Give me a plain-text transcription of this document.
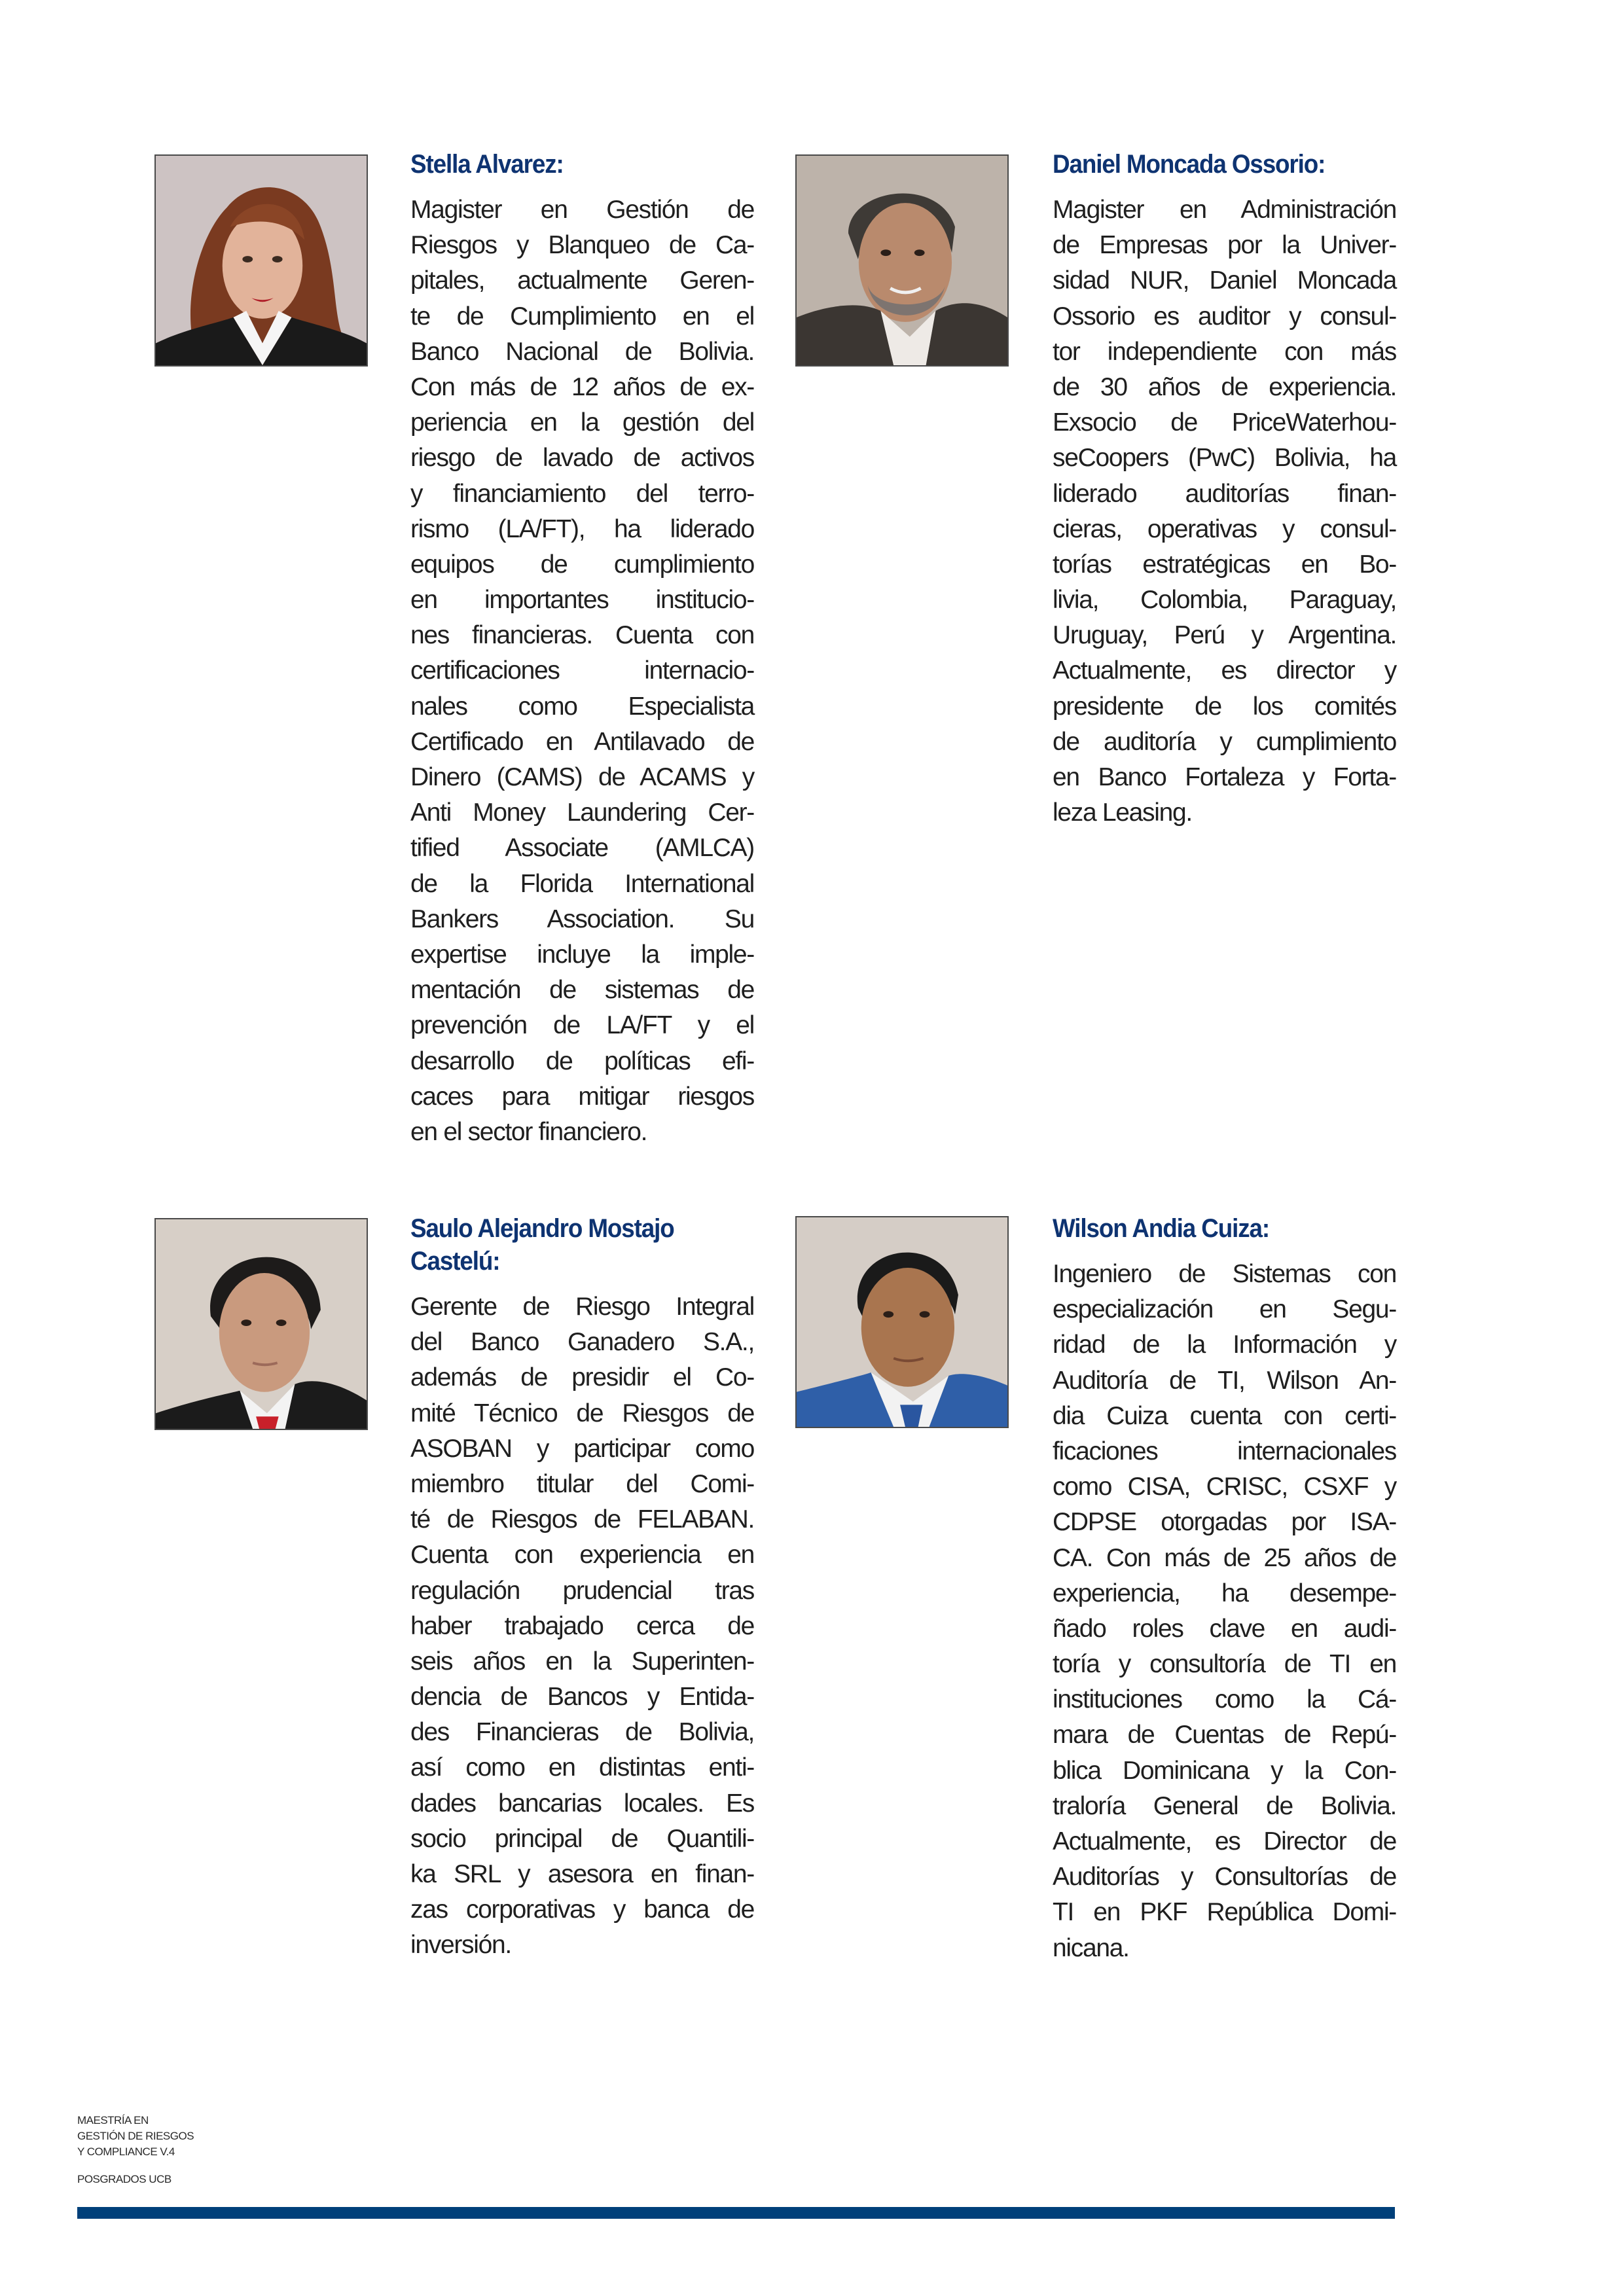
Stella Alvarez:
Magister en Gestión de
Riesgos y Blanqueo de Ca-
pitales, actualmente Geren-
te de Cumplimiento en el
Banco Nacional de Bolivia.
Con más de 12 años de ex-
periencia en la gestión del
riesgo de lavado de activos
y financiamiento del terro-
rismo (LA/FT), ha liderado
equipos de cumplimiento
en importantes institucio-
nes financieras. Cuenta con
certificaciones internacio-
nales como Especialista
Certificado en Antilavado de
Dinero (CAMS) de ACAMS y
Anti Money Laundering Cer-
tified Associate (AMLCA)
de la Florida International
Bankers Association. Su
expertise incluye la imple-
mentación de sistemas de
prevención de LA/FT y el
desarrollo de políticas efi-
caces para mitigar riesgos
en el sector financiero.
Daniel Moncada Ossorio:
Magister en Administración
de Empresas por la Univer-
sidad NUR, Daniel Moncada
Ossorio es auditor y consul-
tor independiente con más
de 30 años de experiencia.
Exsocio de PriceWaterhou-
seCoopers (PwC) Bolivia, ha
liderado auditorías finan-
cieras, operativas y consul-
torías estratégicas en Bo-
livia, Colombia, Paraguay,
Uruguay, Perú y Argentina.
Actualmente, es director y
presidente de los comités
de auditoría y cumplimiento
en Banco Fortaleza y Forta-
leza Leasing.
Saulo Alejandro Mostajo
Castelú:
Gerente de Riesgo Integral
del Banco Ganadero S.A.,
además de presidir el Co-
mité Técnico de Riesgos de
ASOBAN y participar como
miembro titular del Comi-
té de Riesgos de FELABAN.
Cuenta con experiencia en
regulación prudencial tras
haber trabajado cerca de
seis años en la Superinten-
dencia de Bancos y Entida-
des Financieras de Bolivia,
así como en distintas enti-
dades bancarias locales. Es
socio principal de Quantili-
ka SRL y asesora en finan-
zas corporativas y banca de
inversión.
Wilson Andia Cuiza:
Ingeniero de Sistemas con
especialización en Segu-
ridad de la Información y
Auditoría de TI, Wilson An-
dia Cuiza cuenta con certi-
ficaciones internacionales
como CISA, CRISC, CSXF y
CDPSE otorgadas por ISA-
CA. Con más de 25 años de
experiencia, ha desempe-
ñado roles clave en audi-
toría y consultoría de TI en
instituciones como la Cá-
mara de Cuentas de Repú-
blica Dominicana y la Con-
traloría General de Bolivia.
Actualmente, es Director de
Auditorías y Consultorías de
TI en PKF República Domi-
nicana.
MAESTRÍA EN
GESTIÓN DE RIESGOS
Y COMPLIANCE V.4
POSGRADOS UCB
